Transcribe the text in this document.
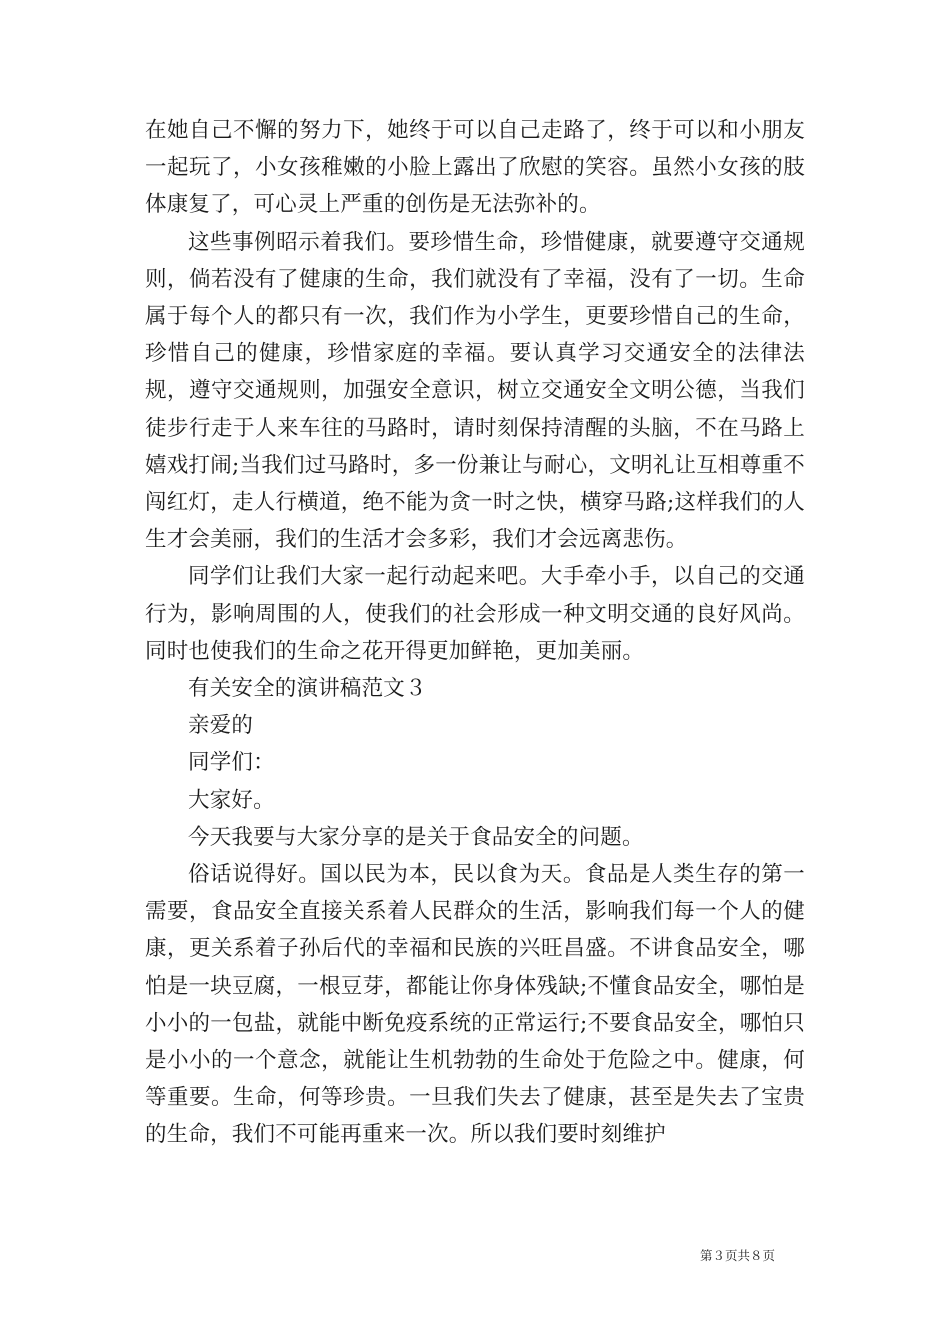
在她自己不懈的努力下，她终于可以自己走路了，终于可以和小朋友一起玩了，小女孩稚嫩的小脸上露出了欣慰的笑容。虽然小女孩的肢体康复了，可心灵上严重的创伤是无法弥补的。

这些事例昭示着我们。要珍惜生命，珍惜健康，就要遵守交通规则，倘若没有了健康的生命，我们就没有了幸福，没有了一切。生命属于每个人的都只有一次，我们作为小学生，更要珍惜自己的生命，珍惜自己的健康，珍惜家庭的幸福。要认真学习交通安全的法律法规，遵守交通规则，加强安全意识，树立交通安全文明公德，当我们徒步行走于人来车往的马路时，请时刻保持清醒的头脑，不在马路上嬉戏打闹;当我们过马路时，多一份兼让与耐心，文明礼让互相尊重不闯红灯，走人行横道，绝不能为贪一时之快，横穿马路;这样我们的人生才会美丽，我们的生活才会多彩，我们才会远离悲伤。

同学们让我们大家一起行动起来吧。大手牵小手，以自己的交通行为，影响周围的人，使我们的社会形成一种文明交通的良好风尚。同时也使我们的生命之花开得更加鲜艳，更加美丽。

有关安全的演讲稿范文３

亲爱的

同学们：

大家好。

今天我要与大家分享的是关于食品安全的问题。

俗话说得好。国以民为本，民以食为天。食品是人类生存的第一需要，食品安全直接关系着人民群众的生活，影响我们每一个人的健康，更关系着子孙后代的幸福和民族的兴旺昌盛。不讲食品安全，哪怕是一块豆腐，一根豆芽，都能让你身体残缺;不懂食品安全，哪怕是小小的一包盐，就能中断免疫系统的正常运行;不要食品安全，哪怕只是小小的一个意念，就能让生机勃勃的生命处于危险之中。健康，何等重要。生命，何等珍贵。一旦我们失去了健康，甚至是失去了宝贵的生命，我们不可能再重来一次。所以我们要时刻维护

第３页共８页
